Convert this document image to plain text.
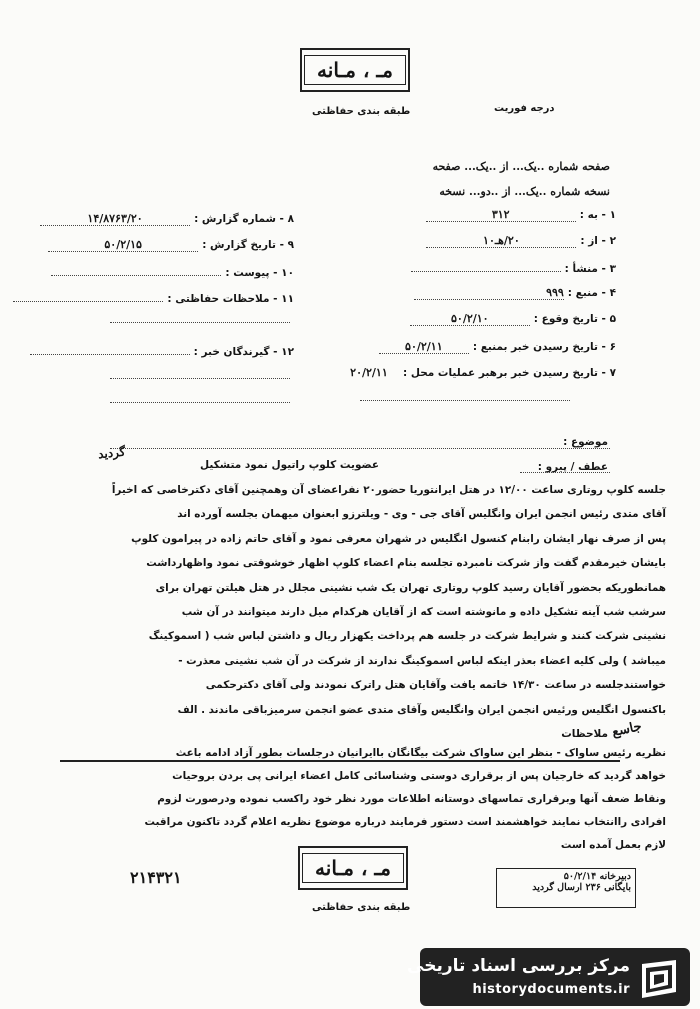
مـ ، مـانه
طبقه بندی حفاظتی	درجه فوریت
صفحه شماره ..یک... از ..یک... صفحه
نسخه شماره ..یک... از ..دو... نسخه
۱ - به :
۳۱۲
۲ - از :
۲۰/هـ۱۰
۳ - منشأ :
۴ - منبع :
۹۹۹
۵ - تاریخ وقوع :
۵۰/۲/۱۰
۶ - تاریخ رسیدن خبر بمنبع :
۵۰/۲/۱۱
۷ - تاریخ رسیدن خبر برهبر عملیات محل :
۲۰/۲/۱۱
۸ - شماره گزارش :
۱۴/۸۷۶۳/۲۰
۹ - تاریخ گزارش :
۵۰/۲/۱۵
۱۰ - پیوست :
۱۱ - ملاحظات حفاظتی :
۱۲ - گیرندگان خبر :
موضوع :
گردید
عضویت کلوپ راتیول نمود متشکیل	عطف / پیرو :
جلسه کلوپ روتاری ساعت ۱۲/۰۰ در هتل ایرانتوریا حضور۲۰ نفراعضای آن وهمچنین آقای دکترخاصی که اخیراً
آقای متدی رئیس انجمن ایران وانگلیس آقای جی - وی - ویلترزو ابعنوان میهمان بجلسه آورده اند
پس از صرف نهار ایشان رابنام کنسول انگلیس در شهران معرفی نمود و آقای حاتم زاده در پیرامون کلوپ
بایشان خیرمقدم گفت واز شرکت نامبرده تجلسه بنام اعضاء کلوپ اظهار خوشوقتی نمود واظهارداشت
همانطوریکه بحضور آقایان رسید کلوپ روتاری تهران یک شب نشینی مجلل در هتل هیلتن تهران برای
سرشب شب آینه تشکیل داده و مانوشته است که از آقایان هرکدام میل دارند میتوانند در آن شب
نشینی شرکت کنند و شرایط شرکت در جلسه هم پرداخت یکهزار ریال و داشتن لباس شب ( اسموکینگ
میباشد ) ولی کلیه اعضاء بعذر اینکه لباس اسموکینگ ندارند از شرکت در آن شب نشینی معذرت -
خواستندجلسه در ساعت ۱۴/۳۰ خاتمه یافت وآقایان هتل راترک نمودند ولی آقای دکترحکمی
باکنسول انگلیس ورئیس انجمن ایران وانگلیس وآقای متدی عضو انجمن سرمیزباقی ماندند . الف
ملاحظات جاسع
نظریه رئیس ساواک - بنظر این ساواک شرکت بیگانگان باایرانیان درجلسات بطور آزاد ادامه باعث
خواهد گردید که خارجیان پس از برقراری دوستی وشناسائی کامل اعضاء ایرانی پی بردن بروحیات
ونقاط ضعف آنها وبرقراری تماسهای دوستانه اطلاعات مورد نظر خود راکسب نموده ودرصورت لزوم
افرادی راانتخاب نمایند خواهشمند است دستور فرمایند درباره موضوع نظریه اعلام گردد تاکنون مراقبت
لازم بعمل آمده است
۲۱۴۳۲۱	مـ ، مـانه
طبقه بندی حفاظتی
دبیرخانه ۵۰/۲/۱۴
بایگانی ۲۳۶ ارسال گردید
مرکز بررسی اسناد تاریخی
historydocuments.ir
